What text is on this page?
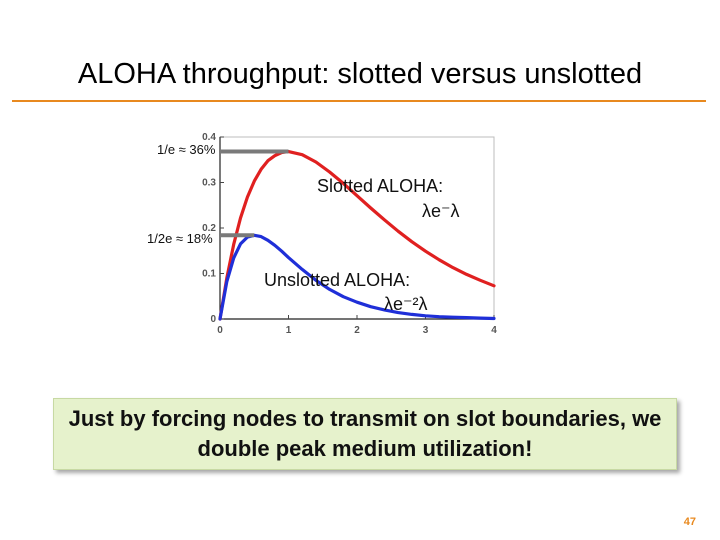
ALOHA throughput: slotted versus unslotted
0	1	2	3	4
0
0.1
0.2
0.3
0.4
1/e ≈ 36%
1/2e ≈ 18%
Slotted ALOHA:
λe⁻λ
Unslotted ALOHA:
λe⁻²λ
Just by forcing nodes to transmit on slot boundaries, we double peak medium utilization!
47
